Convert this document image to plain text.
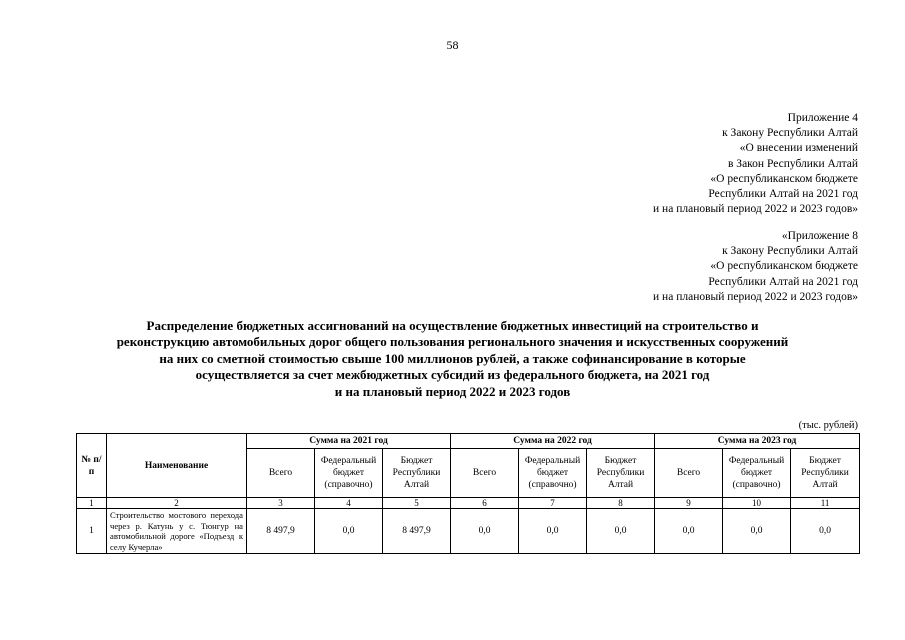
58
Приложение 4
к Закону Республики Алтай
«О внесении изменений
в Закон Республики Алтай
«О республиканском бюджете
Республики Алтай на 2021 год
и на плановый период 2022 и 2023 годов»
«Приложение 8
к Закону Республики Алтай
«О республиканском бюджете
Республики Алтай на 2021 год
и на плановый период 2022 и 2023 годов»
Распределение бюджетных ассигнований на осуществление бюджетных инвестиций на строительство и
реконструкцию автомобильных дорог общего пользования регионального значения и искусственных сооружений
на них со сметной стоимостью свыше 100 миллионов рублей, а также софинансирование в которые
осуществляется за счет межбюджетных субсидий из федерального бюджета, на 2021 год
и на плановый период 2022 и 2023 годов
(тыс. рублей)
№ п/п	Наименование	Сумма на 2021 год			Сумма на 2022 год			Сумма на 2023 год		
		Всего	Федеральный бюджет (справочно)	Бюджет Республики Алтай	Всего	Федеральный бюджет (справочно)	Бюджет Республики Алтай	Всего	Федеральный бюджет (справочно)	Бюджет Республики Алтай
1	2	3	4	5	6	7	8	9	10	11
1	Строительство мостового перехода через р. Катунь у с. Тюнгур на автомобильной дороге «Подъезд к селу Кучерла»	8 497,9	0,0	8 497,9	0,0	0,0	0,0	0,0	0,0	0,0
